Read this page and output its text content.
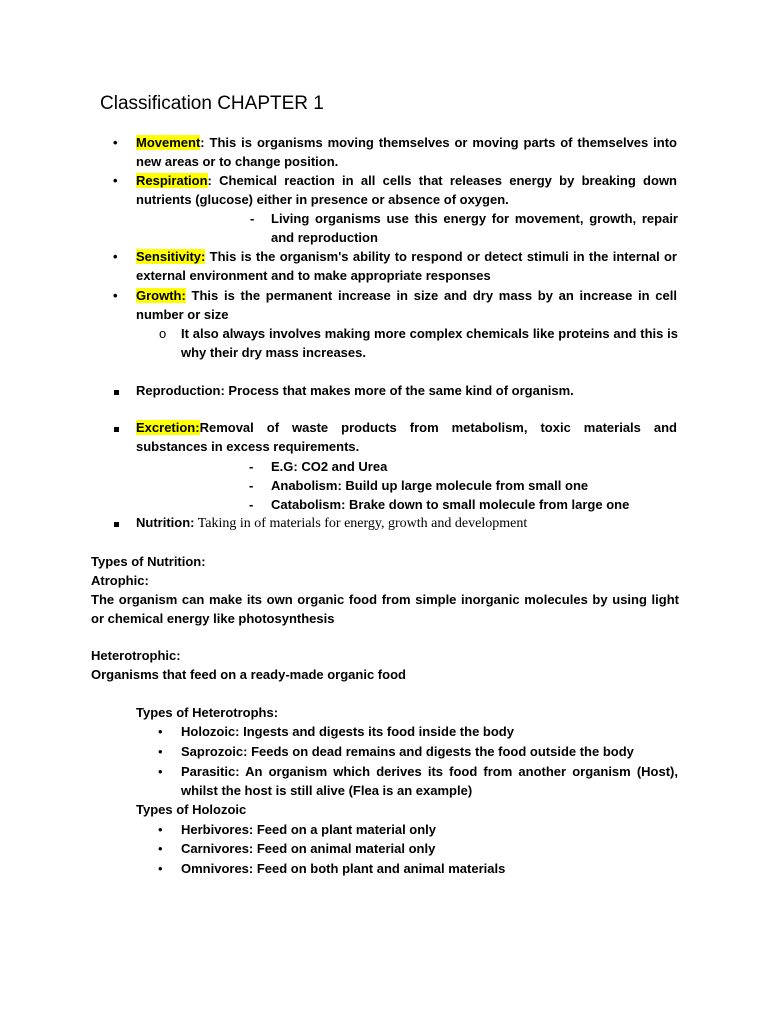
Classification CHAPTER 1
• Movement: This is organisms moving themselves or moving parts of themselves into new areas or to change position.

• Respiration: Chemical reaction in all cells that releases energy by breaking down nutrients (glucose) either in presence or absence of oxygen.

- Living organisms use this energy for movement, growth, repair and reproduction

• Sensitivity: This is the organism's ability to respond or detect stimuli in the internal or external environment and to make appropriate responses

• Growth: This is the permanent increase in size and dry mass by an increase in cell number or size

o It also always involves making more complex chemicals like proteins and this is why their dry mass increases.

Reproduction: Process that makes more of the same kind of organism.

Excretion:Removal of waste products from metabolism, toxic materials and substances in excess requirements.

- E.G: CO2 and Urea

- Anabolism: Build up large molecule from small one

- Catabolism: Brake down to small molecule from large one

Nutrition: Taking in of materials for energy, growth and development

Types of Nutrition:

Atrophic:

The organism can make its own organic food from simple inorganic molecules by using light or chemical energy like photosynthesis

Heterotrophic:

Organisms that feed on a ready-made organic food

Types of Heterotrophs:

• Holozoic: Ingests and digests its food inside the body

• Saprozoic: Feeds on dead remains and digests the food outside the body

• Parasitic: An organism which derives its food from another organism (Host), whilst the host is still alive (Flea is an example)

Types of Holozoic

• Herbivores: Feed on a plant material only

• Carnivores: Feed on animal material only

• Omnivores: Feed on both plant and animal materials
